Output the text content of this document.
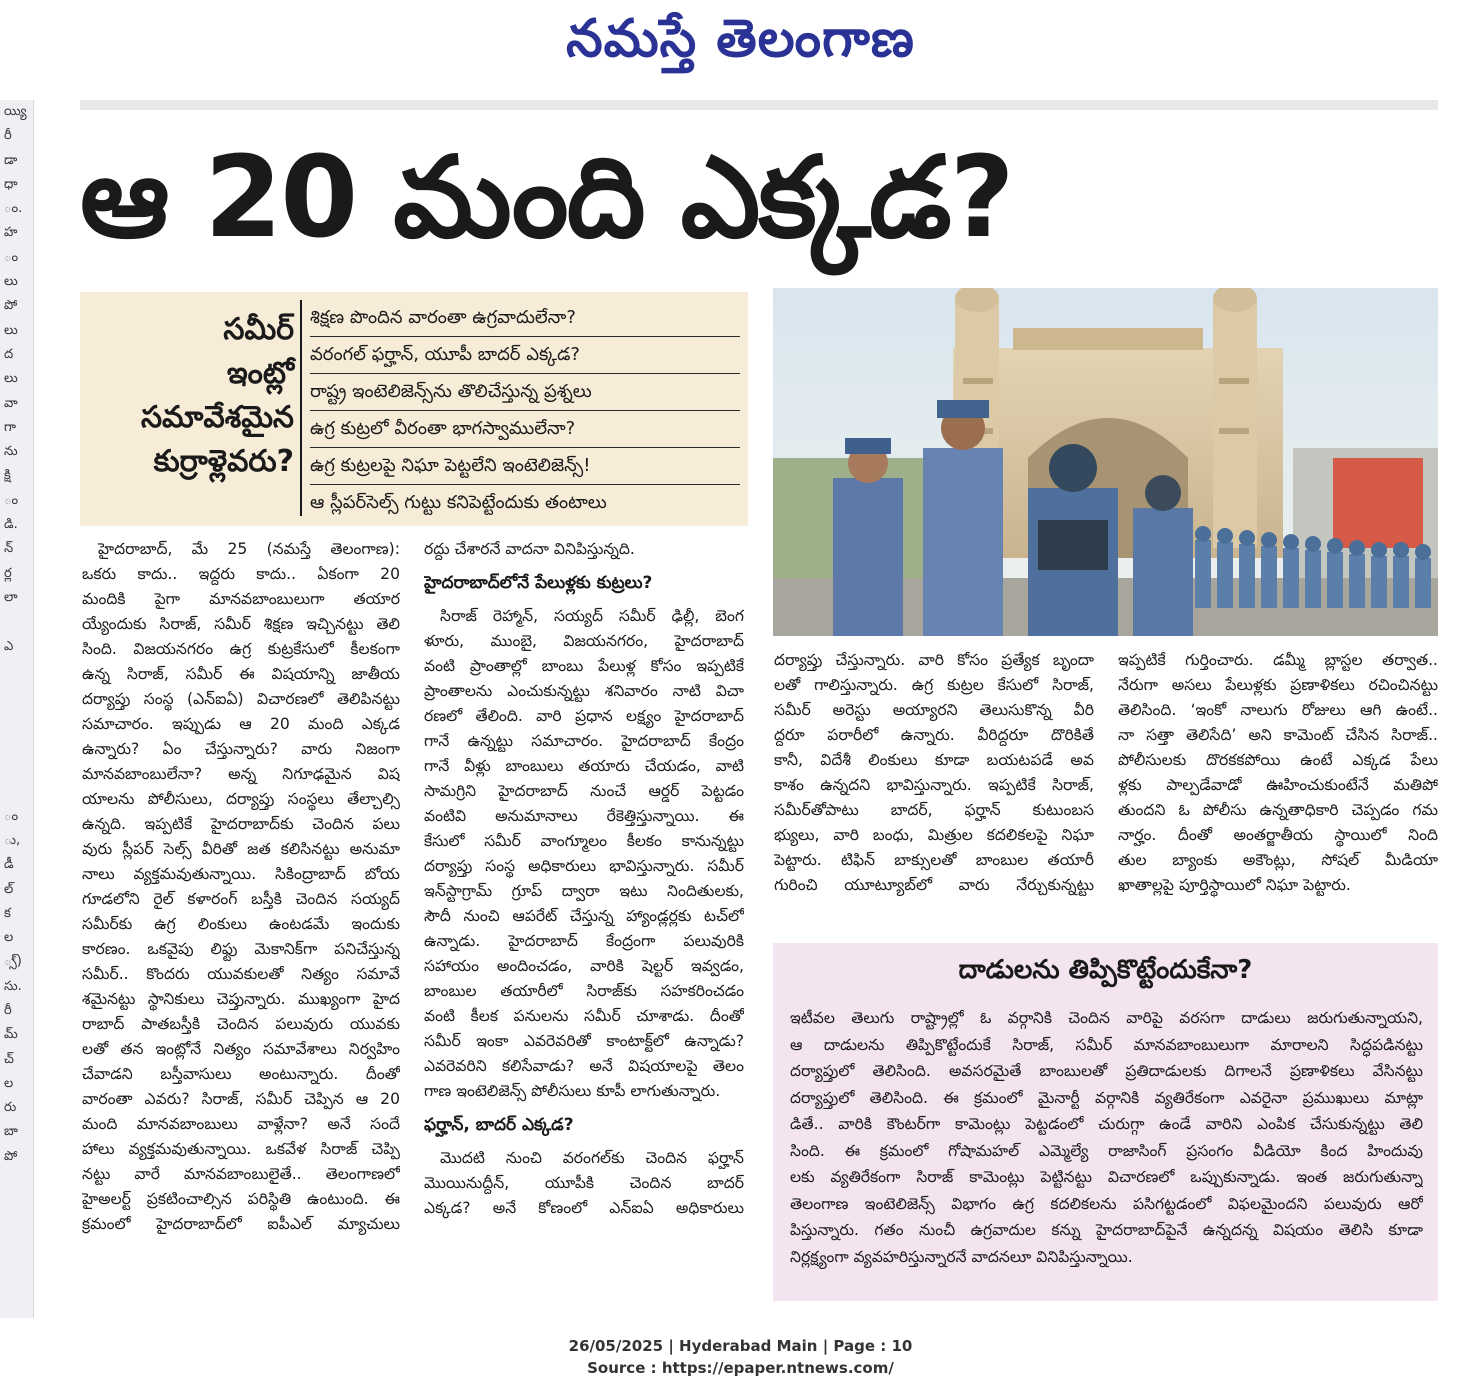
నమస్తే తెలంగాణ
య్యి
రీ
డా
ధా
ం.
హ
ం
లు
పో
లు
ద
లు
వా
గా
ను
క్షి
ం
డి.
న్
ర్ల
లా
ఎ
ం
ు,
డీ
ల్
క
ల
్స్)
సు.
రీ
మ్
చ్
ల
రు
బా
పో
ఆ 20 మంది ఎక్కడ?
సమీర్
ఇంట్లో
సమావేశమైన
కుర్రాళ్లెవరు?
శిక్షణ పొందిన వారంతా ఉగ్రవాదులేనా?
వరంగల్ ఫర్హాన్, యూపీ బాదర్ ఎక్కడ?
రాష్ట్ర ఇంటెలిజెన్స్‌ను తొలిచేస్తున్న ప్రశ్నలు
ఉగ్ర కుట్రలో వీరంతా భాగస్వాములేనా?
ఉగ్ర కుట్రలపై నిఘా పెట్టలేని ఇంటెలిజెన్స్!
ఆ స్లీపర్‌సెల్స్ గుట్టు కనిపెట్టేందుకు తంటాలు

హైదరాబాద్, మే 25 (నమస్తే తెలంగాణ):

ఒకరు కాదు.. ఇద్దరు కాదు.. ఏకంగా 20

మందికి పైగా మానవబాంబులుగా తయార

య్యేందుకు సిరాజ్, సమీర్ శిక్షణ ఇచ్చినట్టు తెలి

సింది. విజయనగరం ఉగ్ర కుట్రకేసులో కీలకంగా

ఉన్న సిరాజ్, సమీర్ ఈ విషయాన్ని జాతీయ

దర్యాప్తు సంస్థ (ఎన్‌ఐఏ) విచారణలో తెలిపినట్టు

సమాచారం. ఇప్పుడు ఆ 20 మంది ఎక్కడ

ఉన్నారు? ఏం చేస్తున్నారు? వారు నిజంగా

మానవబాంబులేనా? అన్న నిగూఢమైన వి‌ష

యాలను పోలీసులు, దర్యాప్తు సంస్థలు తేల్చాల్సి

ఉన్నది. ఇప్పటికే హైదరాబాద్‌కు చెందిన పలు

వురు స్లీపర్ సెల్స్ వీరితో జత కలిసినట్టు అనుమా

నాలు వ్యక్తమవుతున్నాయి. సికింద్రాబాద్ బోయ

గూడలోని రైల్ కళారంగ్ బస్తీకి చెందిన సయ్యద్

సమీర్‌కు ఉగ్ర లింకులు ఉంటడమే ఇందుకు

కారణం. ఒకవైపు లిఫ్టు మెకానిక్‌గా పనిచేస్తున్న

సమీర్.. కొందరు యువకులతో నిత్యం సమావే

శమైనట్టు స్థానికులు చెప్తున్నారు. ముఖ్యంగా హైద

రాబాద్ పాతబస్తీకి చెందిన పలువురు యువకు

లతో తన ఇంట్లోనే నిత్యం సమావేశాలు నిర్వహిం

చేవాడని బస్తీవాసులు అంటున్నారు. దీంతో

వారంతా ఎవరు? సిరాజ్, సమీర్ చెప్పిన ఆ 20

మంది మానవబాంబులు వాళ్లేనా? అనే సందే

హాలు వ్యక్తమవుతున్నాయి. ఒకవేళ సిరాజ్ చెప్పి

నట్టు వారే మానవబాంబులైతే.. తెలంగాణలో

హైఅలర్ట్ ప్రకటించాల్సిన పరిస్థితి ఉంటుంది. ఈ

క్రమంలో హైదరాబాద్‌లో ఐపీఎల్ మ్యాచులు

రద్దు చేశారనే వాదనా వినిపిస్తున్నది.

హైదరాబాద్‌లోనే పేలుళ్లకు కుట్రలు?

సిరాజ్ రెహ్మాన్, సయ్యద్ సమీర్ ఢిల్లీ, బెంగ

ళూరు, ముంబై, విజయనగరం, హైదరాబాద్

వంటి ప్రాంతాల్లో బాంబు పేలుళ్ల కోసం ఇప్పటికే

ప్రాంతాలను ఎంచుకున్నట్టు శనివారం నాటి విచా

రణలో తేలింది. వారి ప్రధాన లక్ష్యం హైదరాబాద్

గానే ఉన్నట్టు సమాచారం. హైదరాబాద్ కేంద్రం

గానే వీళ్లు బాంబులు తయారు చేయడం, వాటి

సామగ్రిని హైదరాబాద్ నుంచే ఆర్డర్ పెట్టడం

వంటివి అనుమానాలు రేకెత్తిస్తున్నాయి. ఈ

కేసులో సమీర్ వాంగ్మూలం కీలకం కానున్నట్టు

దర్యాప్తు సంస్థ అధికారులు భావిస్తున్నారు. సమీర్

ఇన్‌స్టాగ్రామ్ గ్రూప్ ద్వారా ఇటు నిందితులకు,

సౌదీ నుంచి ఆపరేట్ చేస్తున్న హ్యాండ్లర్లకు టచ్‌లో

ఉన్నాడు. హైదరాబాద్ కేంద్రంగా పలువురికి

సహాయం అందించడం, వారికి షెల్టర్ ఇవ్వడం,

బాంబుల తయారీలో సిరాజ్‌కు సహకరించడం

వంటి కీలక పనులను సమీర్ చూశాడు. దీంతో

సమీర్ ఇంకా ఎవరెవరితో కాంటాక్ట్‌లో ఉన్నాడు?

ఎవరెవరిని కలిసేవాడు? అనే విషయాలపై తెలం

గాణ ఇంటెలిజెన్స్ పోలీసులు కూపీ లాగుతున్నారు.

ఫర్హాన్, బాదర్ ఎక్కడ?

మొదటి నుంచి వరంగల్‌కు చెందిన ఫర్హాన్

మొయినుద్దీన్, యూపీకి చెందిన బాదర్

ఎక్కడ? అనే కోణంలో ఎన్‌ఐఏ అధికారులు

దర్యాప్తు చేస్తున్నారు. వారి కోసం ప్రత్యేక బృందా

లతో గాలిస్తున్నారు. ఉగ్ర కుట్రల కేసులో సిరాజ్,

సమీర్ అరెస్టు అయ్యారని తెలుసుకొన్న వీరి

ద్దరూ పరారీలో ఉన్నారు. వీరిద్దరూ దొరికితే

కానీ, విదేశీ లింకులు కూడా బయటపడే అవ

కాశం ఉన్నదని భావిస్తున్నారు. ఇప్పటికే సిరాజ్,

సమీర్‌తోపాటు బాదర్, ఫర్హాన్ కుటుంబస

భ్యులు, వారి బంధు, మిత్రుల కదలికలపై నిఘా

పెట్టారు. టిఫిన్ బాక్సులతో బాంబుల తయారీ

గురించి యూట్యూబ్‌లో వారు నేర్చుకున్నట్టు

ఇప్పటికే గుర్తించారు. డమ్మీ బ్లాస్టల తర్వాత..

నేరుగా అసలు పేలుళ్లకు ప్రణాళికలు రచించినట్టు

తెలిసింది. ‘ఇంకో నాలుగు రోజులు ఆగి ఉంటే..

నా సత్తా తెలిసేది’ అని కామెంట్ చేసిన సిరాజ్..

పోలీసులకు దొరకకపోయి ఉంటే ఎక్కడ పేలు

ళ్లకు పాల్పడేవాడో ఊహించుకుంటేనే మతిపో

తుందని ఓ పోలీసు ఉన్నతాధికారి చెప్పడం గమ

నార్హం. దీంతో అంతర్జాతీయ స్థాయిలో నింది

తుల బ్యాంకు అకౌంట్లు, సోషల్ మీడియా

ఖాతాల్లపై పూర్తిస్థాయిలో నిఘా పెట్టారు.

దాడులను తిప్పికొట్టేందుకేనా?

ఇటీవల తెలుగు రాష్ట్రాల్లో ఓ వర్గానికి చెందిన వారిపై వరసగా దాడులు జరుగుతున్నాయని,

ఆ దాడులను తిప్పికొట్టేందుకే సిరాజ్, సమీర్ మానవబాంబులుగా మారాలని సిద్ధపడినట్టు

దర్యాప్తులో తెలిసింది. అవసరమైతే బాంబులతో ప్రతిదాడులకు దిగాలనే ప్రణాళికలు వేసినట్టు

దర్యాప్తులో తెలిసింది. ఈ క్రమంలో మైనార్టీ వర్గానికి వ్యతిరేకంగా ఎవరైనా ప్రముఖులు మాట్లా

డితే.. వారికి కౌంటర్‌గా కామెంట్లు పెట్టడంలో చురుగ్గా ఉండే వారిని ఎంపిక చేసుకున్నట్టు తెలి

సింది. ఈ క్రమంలో గోషామహల్ ఎమ్మెల్యే రాజాసింగ్ ప్రసంగం వీడియో కింద హిందువు

లకు వ్యతిరేకంగా సిరాజ్ కామెంట్లు పెట్టినట్టు విచారణలో ఒప్పుకున్నాడు. ఇంత జరుగుతున్నా

తెలంగాణ ఇంటెలిజెన్స్ విభాగం ఉగ్ర కదలికలను పసిగట్టడంలో విఫలమైందని పలువురు ఆరో

పిస్తున్నారు. గతం నుంచీ ఉగ్రవాదుల కన్ను హైదరాబాద్‌పైనే ఉన్నదన్న విషయం తెలిసి కూడా

నిర్లక్ష్యంగా వ్యవహరిస్తున్నారనే వాదనలూ వినిపిస్తున్నాయి.

26/05/2025 | Hyderabad Main | Page : 10
Source : https://epaper.ntnews.com/
